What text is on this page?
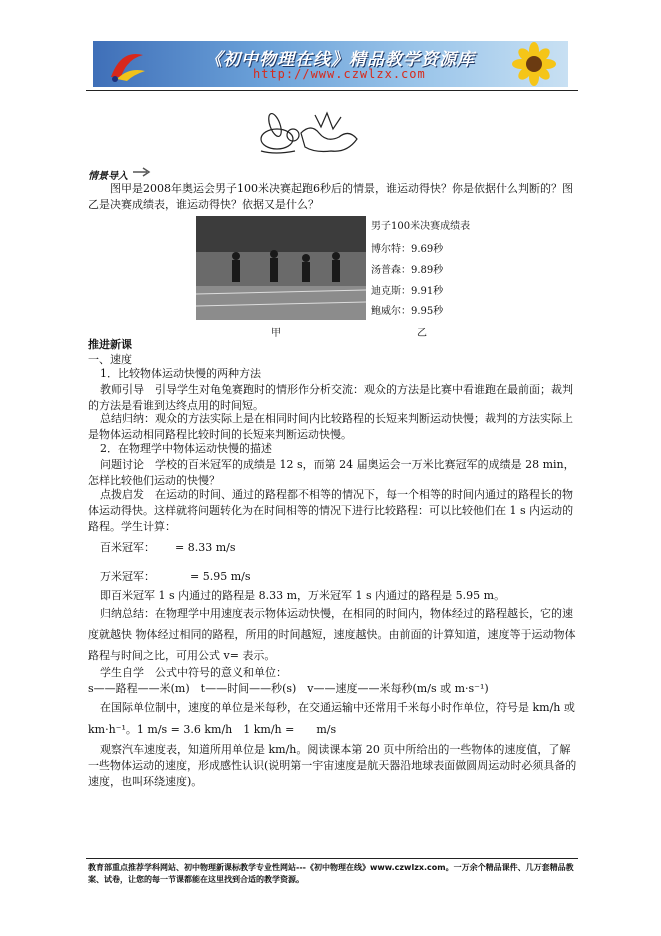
《初中物理在线》精品教学资源库
http://www.czwlzx.com
情景导入
图甲是2008年奥运会男子100米决赛起跑6秒后的情景，谁运动得快？你是依据什么判断的？图乙是决赛成绩表，谁运动得快？依据又是什么？
男子100米决赛成绩表
博尔特：9.69秒
汤普森：9.89秒
迪克斯：9.91秒
鲍威尔：9.95秒
甲	乙
推进新课
一、速度
1．比较物体运动快慢的两种方法
教师引导　引导学生对龟兔赛跑时的情形作分析交流：观众的方法是比赛中看谁跑在最前面；裁判的方法是看谁到达终点用的时间短。
总结归纳：观众的方法实际上是在相同时间内比较路程的长短来判断运动快慢；裁判的方法实际上是物体运动相同路程比较时间的长短来判断运动快慢。
2．在物理学中物体运动快慢的描述
问题讨论　学校的百米冠军的成绩是 12 s，而第 24 届奥运会一万米比赛冠军的成绩是 28 min，怎样比较他们运动的快慢？
点拨启发　在运动的时间、通过的路程都不相等的情况下，每一个相等的时间内通过的路程长的物体运动得快。这样就将问题转化为在时间相等的情况下进行比较路程：可以比较他们在 1 s 内运动的路程。学生计算：
百米冠军： = 8.33 m/s
万米冠军：	= 5.95 m/s
即百米冠军 1 s 内通过的路程是 8.33 m，万米冠军 1 s 内通过的路程是 5.95 m。
归纳总结：在物理学中用速度表示物体运动快慢，在相同的时间内，物体经过的路程越长，它的速度就越快 物体经过相同的路程，所用的时间越短，速度越快。由前面的计算知道，速度等于运动物体路程与时间之比，可用公式 v= 表示。
学生自学　公式中符号的意义和单位：
s——路程——米(m)　t——时间——秒(s)　v——速度——米每秒(m/s 或 m·s⁻¹)
在国际单位制中，速度的单位是米每秒，在交通运输中还常用千米每小时作单位，符号是 km/h 或 km·h⁻¹。1 m/s = 3.6 km/h　1 km/h =　　m/s
观察汽车速度表，知道所用单位是 km/h。阅读课本第 20 页中所给出的一些物体的速度值，了解一些物体运动的速度，形成感性认识(说明第一宇宙速度是航天器沿地球表面做圆周运动时必须具备的速度，也叫环绕速度)。
教育部重点推荐学科网站、初中物理新课标教学专业性网站---《初中物理在线》www.czwlzx.com。一万余个精品课件、几万套精品教案、试卷，让您的每一节课都能在这里找到合适的教学资源。
